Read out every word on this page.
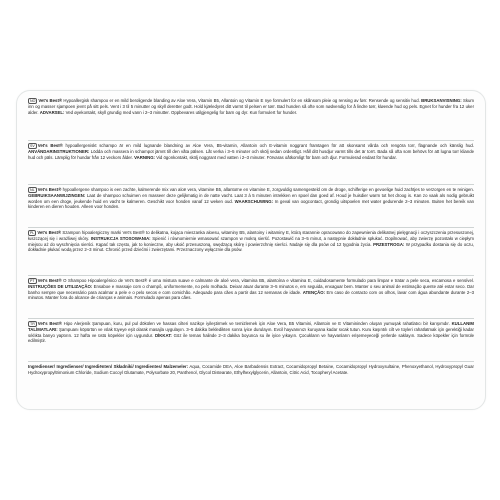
NO Vet's Best® Hypoallergisk shampoo er en mild beroligende blanding av Aloe Vera, Vitamin B5, Allantoin og Vitamin E nye formulert for en skånsom pleie og rensing av førr. Rensende og sensitiv hud. BRUKSANVISNING: Skum inn og masser sjampoen jevnt på sitt pels. Vent i 3 til 5 minutter og skyll deretter godt. Hold kjæledyret ditt varmt til pelsen er tørr. Bad hunden så ofte som nødvendig for å lindre tørr, kløende hud og pels. Egnet for hunder fra 12 uker alder. ADVARSEL: Ved øyekontakt, skyll grundig med vann i 2–3 minutter. Oppbevares utilgjengelig for barn og dyr. Kun formulert for hunder.
SV Vet's Best® hypoallergeniskt schampo är en mild lugnande blandning av Aloe Vera, B5-vitamin, Allantoin och E-vitamin noggrant framtagen för att skonsamt vårda och rengöra torr, flagnande och känslig hud. ANVÄNDARINSTRUKTIONER: Lödda och massera in schampot jämnt till den våta pälsen. Låt verka i 3–5 minuter och skölj sedan ordentligt. Håll ditt husdjur varmt tills det är torrt. Bada så ofta som behövs för att lugna torr kliande hud och päls. Lämplig för hundar från 12 veckors ålder. VARNING: Vid ögonkontakt, skölj noggrant med vatten i 2–3 minuter. Förvaras oåtkomligt för barn och djur. Formulerad endast för hundar.
NL Vet's Best® hypoallergene shampoo is een zachte, kalmerende mix van aloë vera, vitamine B5, allantoïne en vitamine E, zorgvuldig samengesteld om de droge, schilferige en gevoelige huid zachtjes te verzorgen en te reinigen. GEBRUIKSAANWIJZINGEN: Laat de shampoo schuimen en masseer deze gelijkmatig in de natte vacht. Laat 3 à 5 minuten intrekken en spoel dan goed af. Houd je huisdier warm tot het droog is. Kan zo vaak als nodig gebruikt worden om een droge, jeukende huid en vacht te kalmeren. Geschikt voor honden vanaf 12 weken oud. WAARSCHUWING: In geval van oogcontact, grondig uitspoelen met water gedurende 2–3 minuten. Buiten het bereik van kinderen en dieren houden. Alleen voor honden.
PL Vet's Best® Szampon hipoalergiczny marki Vet's Best® to delikatna, kojąca mieszanka aloesu, witaminy B5, alantoiny i witaminy E, którą starannie opracowano do zapewnienia delikatnej pielęgnacji i oczyszczenia przesuszonej, łuszczącej się i wrażliwej skóry. INSTRUKCJA STOSOWANIA: Spienić i równomiernie wmasować szampon w mokrą sierść. Pozostawić na 3–5 minut, a następnie dokładnie spłukać. Dopilnować, aby zwierzę pozostało w ciepłym miejscu aż do wyschnięcia sierści. Kąpać tak często, jak to konieczne, aby ukoić przesuszoną, swędzącą skórę i powierzchnię sierści. Nadaje się dla psów od 12 tygodnia życia. PRZESTROGA: W przypadku dostania się do oczu, dokładnie płukać wodą przez 2–3 minut. Chronić przed dziećmi i zwierzętami. Przeznaczony wyłącznie dla psów.
PT Vet's Best® O Shampoo Hipoalergénico de Vet's Best® é uma mistura suave e calmante de aloé vera, vitamina B5, alantoína e vitamina E, cuidadosamente formulado para limpar e tratar a pele seca, escamosa e sensível. INSTRUÇÕES DE UTILIZAÇÃO: Ensaboe e massaje com o champô, uniformemente, no pelo molhado. Deixar atuar durante 3–5 minutos e, em seguida, enxaguar bem. Manter o seu animal de estimação quente até estar seco. Dar banho sempre que necessário para acalmar a pele e o pelo secos e com comichão. Adequado para cães a partir das 12 semanas de idade. ATENÇÃO: Em caso de contacto com os olhos, lavar com água abundante durante 2–3 minutos. Manter fora do alcance de crianças e animais. Formulado apenas para cães.
TR Vet's Best® Hipo Alerjenik Şampuan, kuru, pul pul dökülen ve hassas cilteri nazikçe iyileştirmek ve temizlemek için Aloe Vera, B5 Vitamini, Allantoin ve E Vitamininden oluşan yumuşak rahatlatıcı bir karışımdır. KULLANIM TALİMATLARI: Şampuanı köpürtün ve ıslak tüyeye eşit olarak masajla uygulayın. 3–5 dakika bekledikten sonra iyice durulayın. Evcil hayvanınızı kuruyana kadar sıcak tutun. Kuru kaşıntılı cilt ve tüyleri rahatlatmak için gerektiği kadar sıklıkta banyo yaptırın. 12 hafta ve üstü köpekler için uygundur. DİKKAT: Göz ile temas halinde 2–3 dakika boyunca su ile iyice yıkayın. Çocukların ve hayvanların erişemeyeceği yerlerde saklayın. Sadece köpekler için formüle edilmiştir.
Ingredienser/ Ingredienser/ Ingrediënten/ Składniki/ Ingredientes/ Malzemeler: Aqua, Cocamide DEA, Aloe Barbadensis Extract, Cocamidopropyl Betaine, Cocamidopropyl Hydroxysultaine, Phenoxyethanol, Hydroxypropyl Guar Hydroxypropyltrimonium Chloride, Sodium Cocoyl Glutamate, Polysorbate 20, Panthenol, Glycol Distearate, Ethylhexylglycerin, Allantoin, Citric Acid, Tocopheryl Acetate.
